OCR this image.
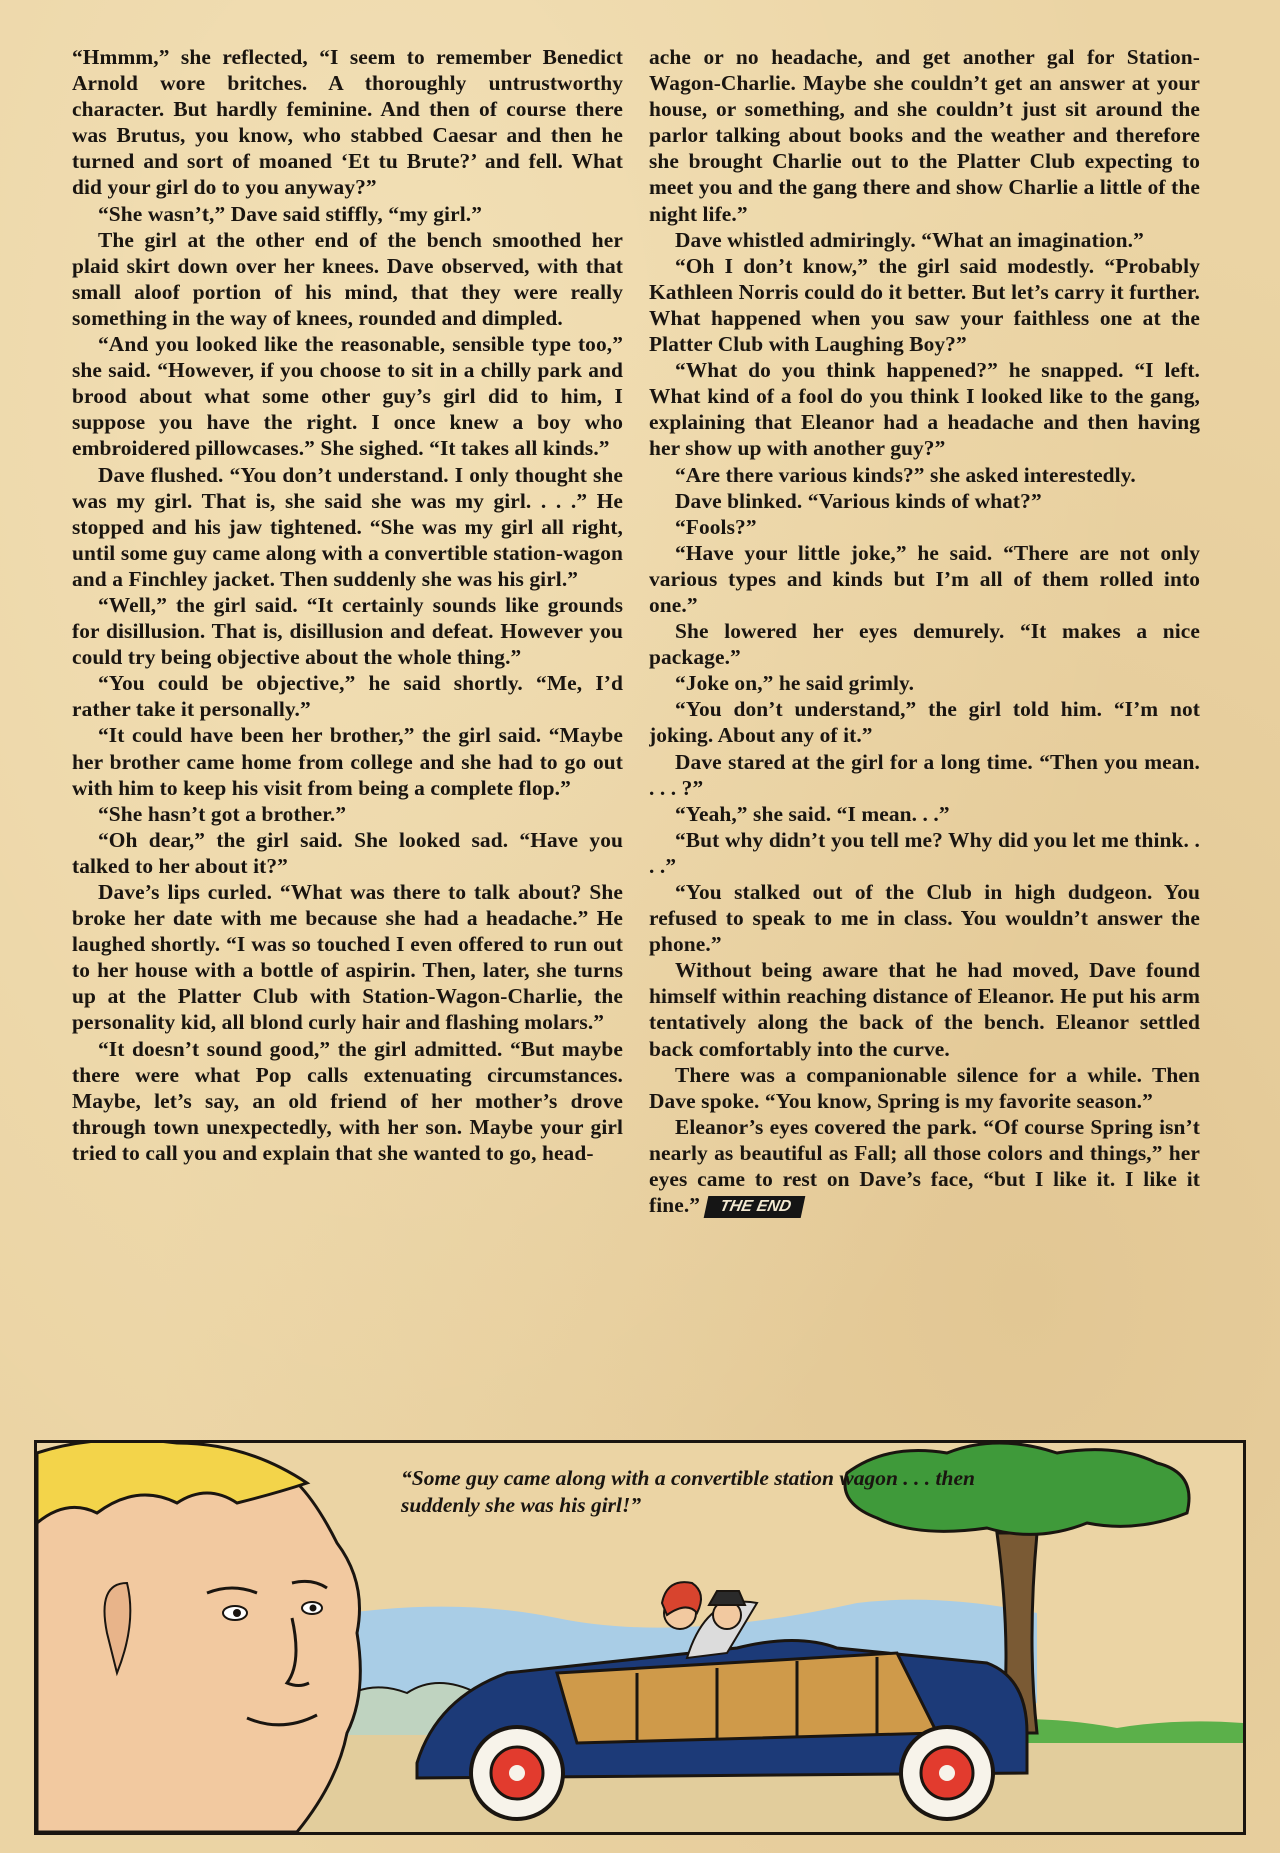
“Hmmm,” she reflected, “I seem to remember Benedict Arnold wore britches. A thoroughly untrustworthy character. But hardly feminine. And then of course there was Brutus, you know, who stabbed Caesar and then he turned and sort of moaned ‘Et tu Brute?’ and fell. What did your girl do to you anyway?”

“She wasn’t,” Dave said stiffly, “my girl.”

The girl at the other end of the bench smoothed her plaid skirt down over her knees. Dave observed, with that small aloof portion of his mind, that they were really something in the way of knees, rounded and dimpled.

“And you looked like the reasonable, sensible type too,” she said. “However, if you choose to sit in a chilly park and brood about what some other guy’s girl did to him, I suppose you have the right. I once knew a boy who embroidered pillowcases.” She sighed. “It takes all kinds.”

Dave flushed. “You don’t understand. I only thought she was my girl. That is, she said she was my girl. . . .” He stopped and his jaw tightened. “She was my girl all right, until some guy came along with a convertible station-wagon and a Finchley jacket. Then suddenly she was his girl.”

“Well,” the girl said. “It certainly sounds like grounds for disillusion. That is, disillusion and defeat. However you could try being objective about the whole thing.”

“You could be objective,” he said shortly. “Me, I’d rather take it personally.”

“It could have been her brother,” the girl said. “Maybe her brother came home from college and she had to go out with him to keep his visit from being a complete flop.”

“She hasn’t got a brother.”

“Oh dear,” the girl said. She looked sad. “Have you talked to her about it?”

Dave’s lips curled. “What was there to talk about? She broke her date with me because she had a headache.” He laughed shortly. “I was so touched I even offered to run out to her house with a bottle of aspirin. Then, later, she turns up at the Platter Club with Station-Wagon-Charlie, the personality kid, all blond curly hair and flashing molars.”

“It doesn’t sound good,” the girl admitted. “But maybe there were what Pop calls extenuating circumstances. Maybe, let’s say, an old friend of her mother’s drove through town unexpectedly, with her son. Maybe your girl tried to call you and explain that she wanted to go, head-

ache or no headache, and get another gal for Station-Wagon-Charlie. Maybe she couldn’t get an answer at your house, or something, and she couldn’t just sit around the parlor talking about books and the weather and therefore she brought Charlie out to the Platter Club expecting to meet you and the gang there and show Charlie a little of the night life.”

Dave whistled admiringly. “What an imagination.”

“Oh I don’t know,” the girl said modestly. “Probably Kathleen Norris could do it better. But let’s carry it further. What happened when you saw your faithless one at the Platter Club with Laughing Boy?”

“What do you think happened?” he snapped. “I left. What kind of a fool do you think I looked like to the gang, explaining that Eleanor had a headache and then having her show up with another guy?”

“Are there various kinds?” she asked interestedly.

Dave blinked. “Various kinds of what?”

“Fools?”

“Have your little joke,” he said. “There are not only various types and kinds but I’m all of them rolled into one.”

She lowered her eyes demurely. “It makes a nice package.”

“Joke on,” he said grimly.

“You don’t understand,” the girl told him. “I’m not joking. About any of it.”

Dave stared at the girl for a long time. “Then you mean. . . . ?”

“Yeah,” she said. “I mean. . .”

“But why didn’t you tell me? Why did you let me think. . . .”

“You stalked out of the Club in high dudgeon. You refused to speak to me in class. You wouldn’t answer the phone.”

Without being aware that he had moved, Dave found himself within reaching distance of Eleanor. He put his arm tentatively along the back of the bench. Eleanor settled back comfortably into the curve.

There was a companionable silence for a while. Then Dave spoke. “You know, Spring is my favorite season.”

Eleanor’s eyes covered the park. “Of course Spring isn’t nearly as beautiful as Fall; all those colors and things,” her eyes came to rest on Dave’s face, “but I like it. I like it fine.” THE END

“Some guy came along with a convertible station wagon . . . then suddenly she was his girl!”
